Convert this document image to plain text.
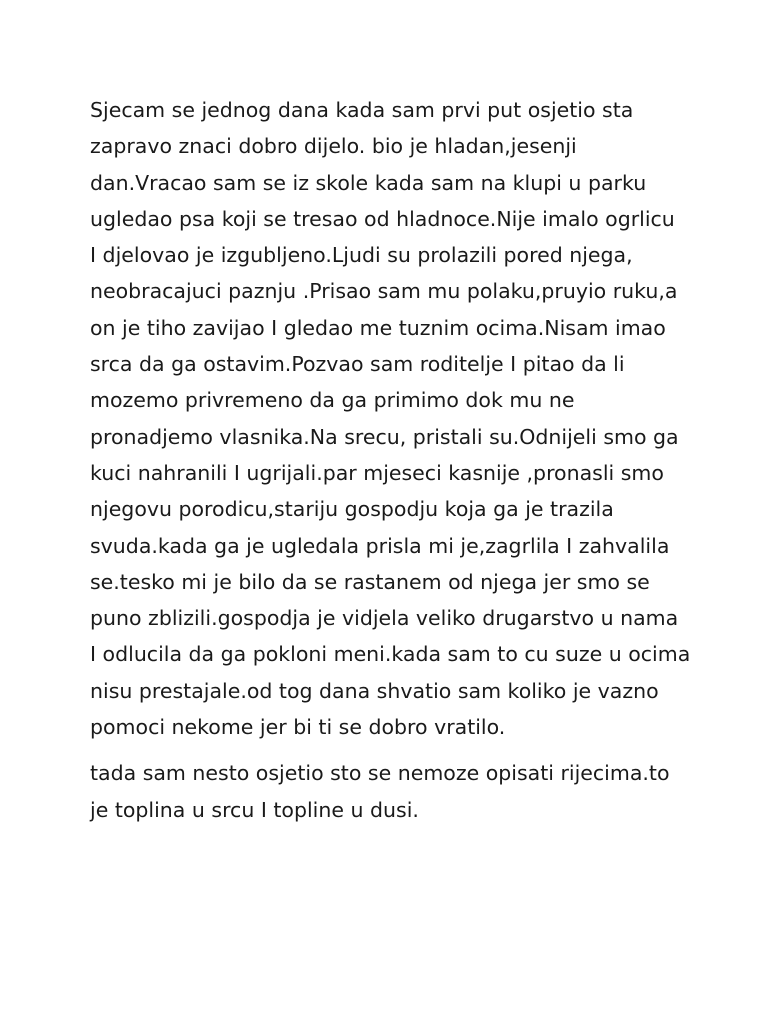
Sjecam se jednog dana kada sam prvi put osjetio sta
zapravo znaci dobro dijelo. bio je hladan,jesenji
dan.Vracao sam se iz skole kada sam na klupi u parku
ugledao psa koji se tresao od hladnoce.Nije imalo ogrlicu
I djelovao je izgubljeno.Ljudi su prolazili pored njega,
neobracajuci paznju .Prisao sam mu polaku,pruyio ruku,a
on je tiho zavijao I gledao me tuznim ocima.Nisam imao
srca da ga ostavim.Pozvao sam roditelje I pitao da li
mozemo privremeno da ga primimo dok mu ne
pronadjemo vlasnika.Na srecu, pristali su.Odnijeli smo ga
kuci nahranili I ugrijali.par mjeseci kasnije ,pronasli smo
njegovu porodicu,stariju gospodju koja ga je trazila
svuda.kada ga je ugledala prisla mi je,zagrlila I zahvalila
se.tesko mi je bilo da se rastanem od njega jer smo se
puno zblizili.gospodja je vidjela veliko drugarstvo u nama
I odlucila da ga pokloni meni.kada sam to cu suze u ocima
nisu prestajale.od tog dana shvatio sam koliko je vazno
pomoci nekome jer bi ti se dobro vratilo.
tada sam nesto osjetio sto se nemoze opisati rijecima.to
je toplina u srcu I topline u dusi.
